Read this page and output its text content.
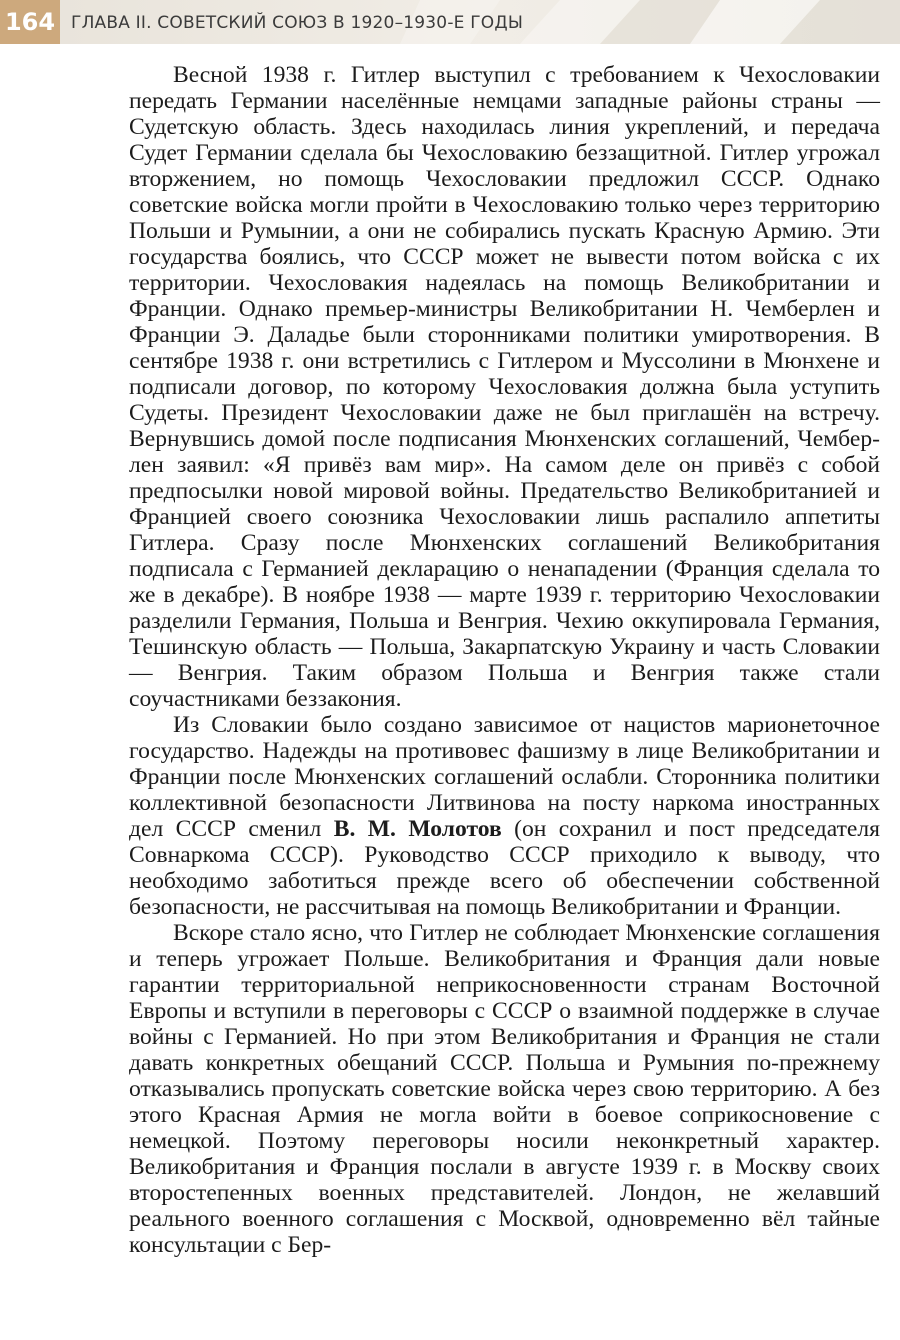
164 ГЛАВА II. СОВЕТСКИЙ СОЮЗ В 1920–1930-Е ГОДЫ

Весной 1938 г. Гитлер выступил с требованием к Чехословакии передать Германии населённые немцами западные районы страны — Судетскую область. Здесь находилась линия укреплений, и передача Судет Германии сделала бы Чехословакию беззащитной. Гитлер угрожал вторжением, но помощь Чехословакии предложил СССР. Однако советские войска могли пройти в Чехословакию только через территорию Польши и Румынии, а они не собирались пускать Красную Армию. Эти государства боялись, что СССР может не вывести потом войска с их территории. Чехословакия надеялась на помощь Великобритании и Франции. Однако премьер-министры Великобритании Н. Чемберлен и Франции Э. Даладье были сторонниками политики умиротворения. В сентябре 1938 г. они встретились с Гитлером и Муссолини в Мюнхене и подписали договор, по которому Чехословакия должна была уступить Судеты. Президент Чехословакии даже не был приглашён на встречу. Вернувшись домой после подписания Мюнхенских соглашений, Чемберлен заявил: «Я привёз вам мир». На самом деле он привёз с собой предпосылки новой мировой войны. Предательство Великобританией и Францией своего союзника Чехословакии лишь распалило аппетиты Гитлера. Сразу после Мюнхенских соглашений Великобритания подписала с Германией декларацию о ненападении (Франция сделала то же в декабре). В ноябре 1938 — марте 1939 г. территорию Чехословакии разделили Германия, Польша и Венгрия. Чехию оккупировала Германия, Тешинскую область — Польша, Закарпатскую Украину и часть Словакии — Венгрия. Таким образом Польша и Венгрия также стали соучастниками беззакония.

Из Словакии было создано зависимое от нацистов марионеточное государство. Надежды на противовес фашизму в лице Великобритании и Франции после Мюнхенских соглашений ослабли. Сторонника политики коллективной безопасности Литвинова на посту наркома иностранных дел СССР сменил В. М. Молотов (он сохранил и пост председателя Совнаркома СССР). Руководство СССР приходило к выводу, что необходимо заботиться прежде всего об обеспечении собственной безопасности, не рассчитывая на помощь Великобритании и Франции.

Вскоре стало ясно, что Гитлер не соблюдает Мюнхенские соглашения и теперь угрожает Польше. Великобритания и Франция дали новые гарантии территориальной неприкосновенности странам Восточной Европы и вступили в переговоры с СССР о взаимной поддержке в случае войны с Германией. Но при этом Великобритания и Франция не стали давать конкретных обещаний СССР. Польша и Румыния по-прежнему отказывались пропускать советские войска через свою территорию. А без этого Красная Армия не могла войти в боевое соприкосновение с немецкой. Поэтому переговоры носили неконкретный характер. Великобритания и Франция послали в августе 1939 г. в Москву своих второстепенных военных представителей. Лондон, не желавший реального военного соглашения с Москвой, одновременно вёл тайные консультации с Бер-
